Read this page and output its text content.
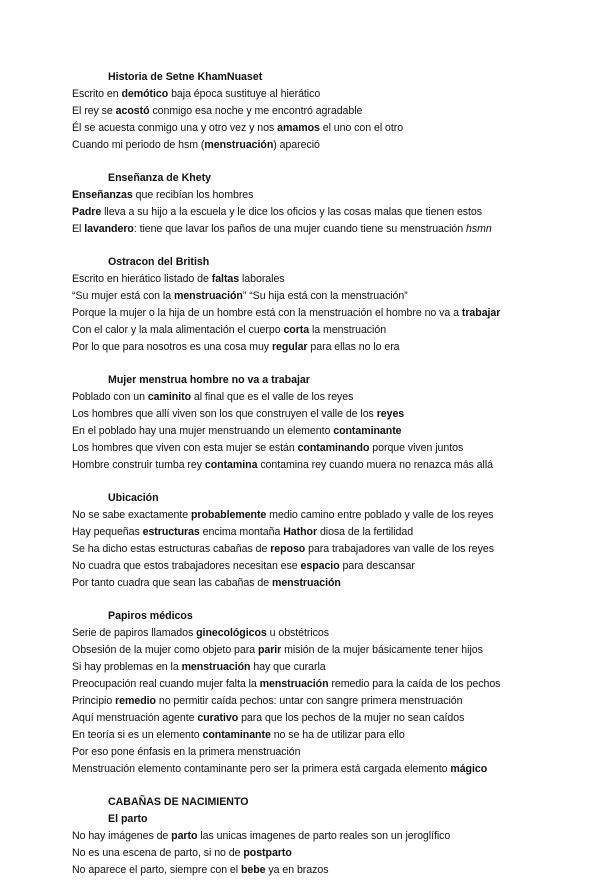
Historia de Setne KhamNuaset
Escrito en demótico baja época sustituye al hierático
El rey se acostó conmigo esa noche y me encontró agradable
Él se acuesta conmigo una y otro vez y nos amamos el uno con el otro
Cuando mi periodo de hsm (menstruación) apareció
Enseñanza de Khety
Enseñanzas que recibían los hombres
Padre lleva a su hijo a la escuela y le dice los oficios y las cosas malas que tienen estos
El lavandero: tiene que lavar los paños de una mujer cuando tiene su menstruación hsmn
Ostracon del British
Escrito en hierático listado de faltas laborales
“Su mujer está con la menstruación” “Su hija está con la menstruación”
Porque la mujer o la hija de un hombre está con la menstruación el hombre no va a trabajar
Con el calor y la mala alimentación el cuerpo corta la menstruación
Por lo que para nosotros es una cosa muy regular para ellas no lo era
Mujer menstrua hombre no va a trabajar
Poblado con un caminito al final que es el valle de los reyes
Los hombres que allí viven son los que construyen el valle de los reyes
En el poblado hay una mujer menstruando un elemento contaminante
Los hombres que viven con esta mujer se están contaminando porque viven juntos
Hombre construir tumba rey contamina contamina rey cuando muera no renazca más allá
Ubicación
No se sabe exactamente probablemente medio camino entre poblado y valle de los reyes
Hay pequeñas estructuras encima montaña Hathor diosa de la fertilidad
Se ha dicho estas estructuras cabañas de reposo para trabajadores van valle de los reyes
No cuadra que estos trabajadores necesitan ese espacio para descansar
Por tanto cuadra que sean las cabañas de menstruación
Papiros médicos
Serie de papiros llamados ginecológicos u obstétricos
Obsesión de la mujer como objeto para parir misión de la mujer básicamente tener hijos
Si hay problemas en la menstruación hay que curarla
Preocupación real cuando mujer falta la menstruación remedio para la caída de los pechos
Principio remedio no permitir caída pechos: untar con sangre primera menstruación
Aquí menstruación agente curativo para que los pechos de la mujer no sean caídos
En teoría si es un elemento contaminante no se ha de utilizar para ello
Por eso pone énfasis en la primera menstruación
Menstruación elemento contaminante pero ser la primera está cargada elemento mágico
CABAÑAS DE NACIMIENTO
El parto
No hay imágenes de parto las unicas imagenes de parto reales son un jeroglífico
No es una escena de parto, si no de postparto
No aparece el parto, siempre con el bebe ya en brazos
